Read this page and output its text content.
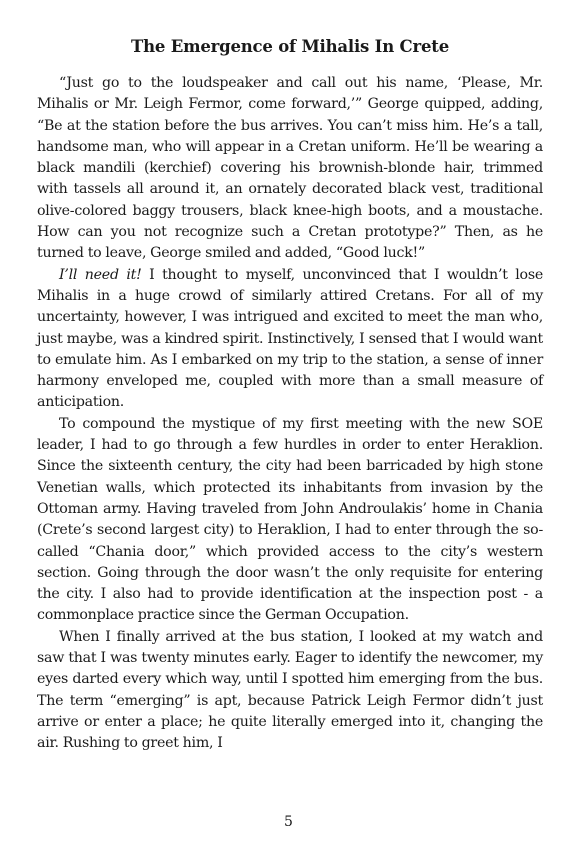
The Emergence of Mihalis In Crete

“Just go to the loudspeaker and call out his name, ‘Please, Mr. Mihalis or Mr. Leigh Fermor, come forward,’” George quipped, adding, “Be at the station before the bus arrives. You can’t miss him. He’s a tall, handsome man, who will appear in a Cretan uniform. He’ll be wearing a black mandili (kerchief) covering his brownish-blonde hair, trimmed with tassels all around it, an ornately decorated black vest, traditional olive-colored baggy trousers, black knee-high boots, and a moustache. How can you not recognize such a Cretan prototype?” Then, as he turned to leave, George smiled and added, “Good luck!”

I’ll need it! I thought to myself, unconvinced that I wouldn’t lose Mihalis in a huge crowd of similarly attired Cretans. For all of my uncertainty, however, I was intrigued and excited to meet the man who, just maybe, was a kindred spirit. Instinctively, I sensed that I would want to emulate him. As I embarked on my trip to the station, a sense of inner harmony enveloped me, coupled with more than a small measure of anticipation.

To compound the mystique of my first meeting with the new SOE leader, I had to go through a few hurdles in order to enter Heraklion. Since the sixteenth century, the city had been barricaded by high stone Venetian walls, which protected its inhabitants from invasion by the Ottoman army. Having traveled from John Androulakis’ home in Chania (Crete’s second largest city) to Heraklion, I had to enter through the so-called “Chania door,” which provided access to the city’s western section. Going through the door wasn’t the only requisite for entering the city. I also had to provide identification at the inspection post - a commonplace practice since the German Occupation.

When I finally arrived at the bus station, I looked at my watch and saw that I was twenty minutes early. Eager to identify the newcomer, my eyes darted every which way, until I spotted him emerging from the bus. The term “emerging” is apt, because Patrick Leigh Fermor didn’t just arrive or enter a place; he quite literally emerged into it, changing the air. Rushing to greet him, I

5
